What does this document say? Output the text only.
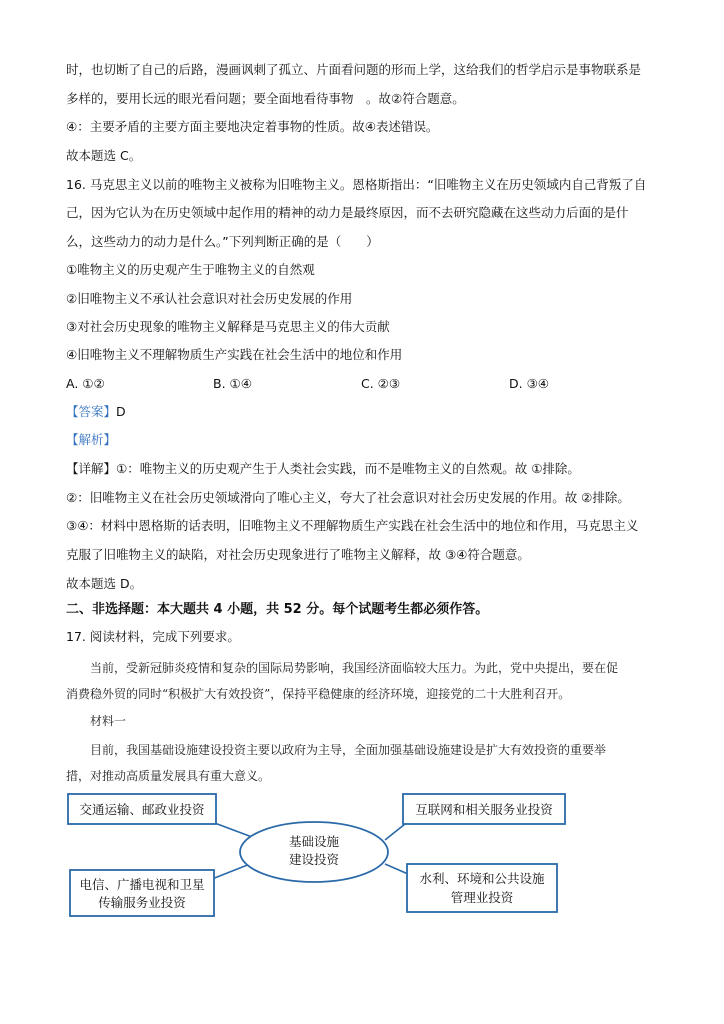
时，也切断了自己的后路，漫画讽刺了孤立、片面看问题的形而上学，这给我们的哲学启示是事物联系是
多样的，要用长远的眼光看问题；要全面地看待事物　。故②符合题意。
④：主要矛盾的主要方面主要地决定着事物的性质。故④表述错误。
故本题选 C。
16. 马克思主义以前的唯物主义被称为旧唯物主义。恩格斯指出：“旧唯物主义在历史领域内自己背叛了自
己，因为它认为在历史领域中起作用的精神的动力是最终原因，而不去研究隐藏在这些动力后面的是什
么，这些动力的动力是什么。”下列判断正确的是（　　）
①唯物主义的历史观产生于唯物主义的自然观
②旧唯物主义不承认社会意识对社会历史发展的作用
③对社会历史现象的唯物主义解释是马克思主义的伟大贡献
④旧唯物主义不理解物质生产实践在社会生活中的地位和作用
A. ①②	B. ①④	C. ②③	D. ③④
【答案】D
【解析】
【详解】①：唯物主义的历史观产生于人类社会实践，而不是唯物主义的自然观。故 ①排除。
②：旧唯物主义在社会历史领域滑向了唯心主义，夸大了社会意识对社会历史发展的作用。故 ②排除。
③④：材料中恩格斯的话表明，旧唯物主义不理解物质生产实践在社会生活中的地位和作用，马克思主义
克服了旧唯物主义的缺陷，对社会历史现象进行了唯物主义解释，故 ③④符合题意。
故本题选 D。
二、非选择题：本大题共 4 小题，共 52 分。每个试题考生都必须作答。
17. 阅读材料，完成下列要求。
当前，受新冠肺炎疫情和复杂的国际局势影响，我国经济面临较大压力。为此，党中央提出，要在促
消费稳外贸的同时“积极扩大有效投资”，保持平稳健康的经济环境，迎接党的二十大胜利召开。
材料一
目前，我国基础设施建设投资主要以政府为主导，全面加强基础设施建设是扩大有效投资的重要举
措，对推动高质量发展具有重大意义。
基础设施
建设投资
交通运输、邮政业投资	互联网和相关服务业投资
电信、广播电视和卫星
传输服务业投资
水利、环境和公共设施
管理业投资
